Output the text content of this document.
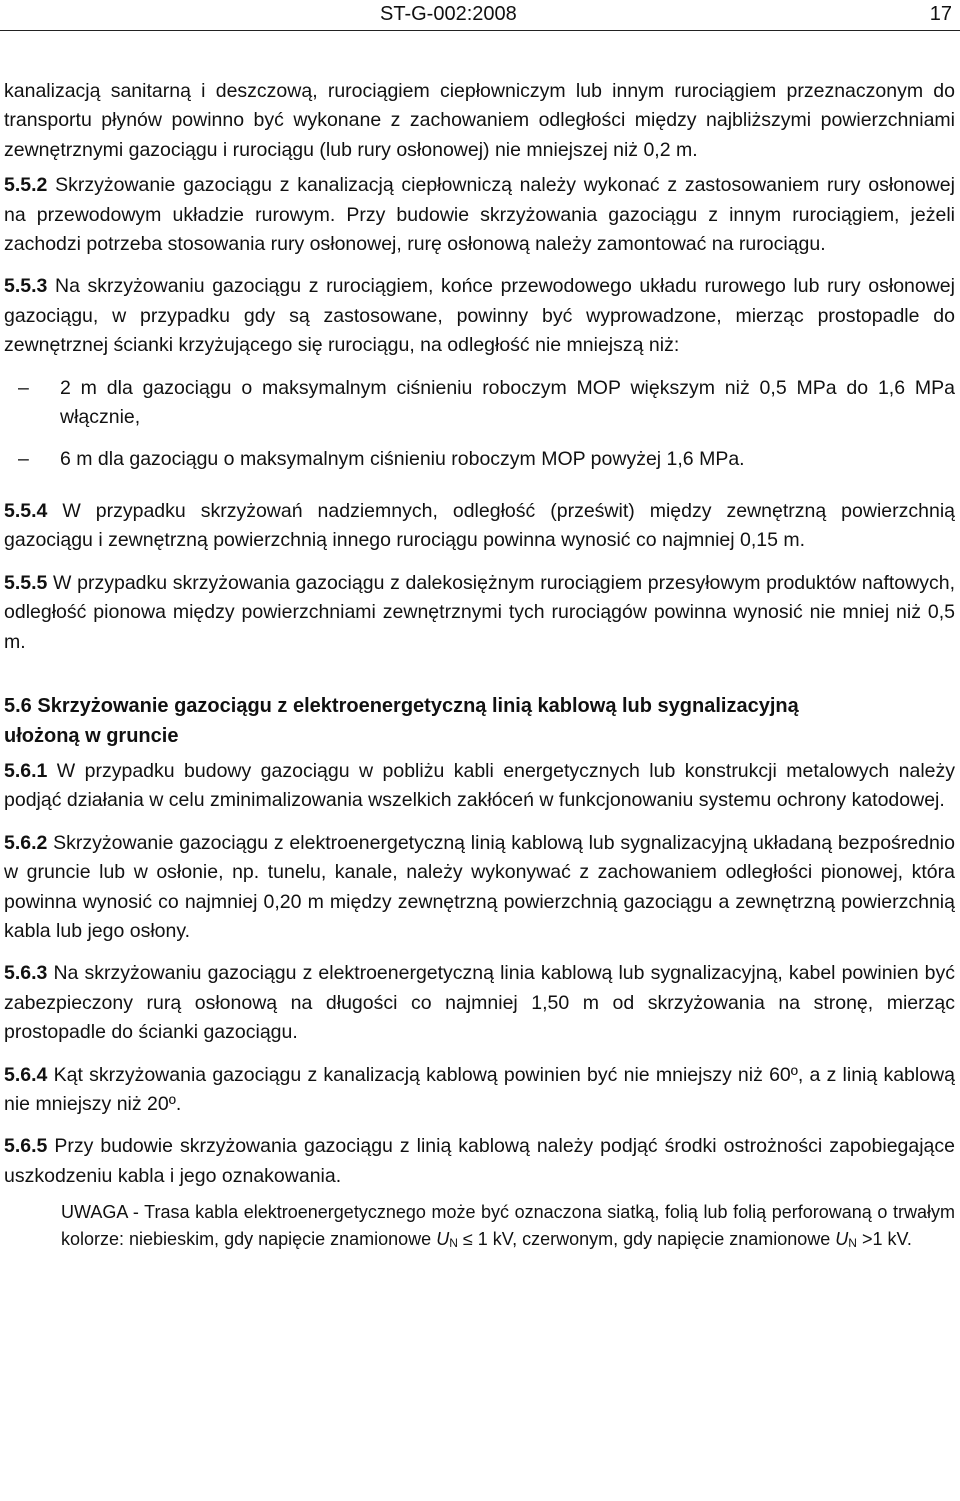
ST-G-002:2008	17

kanalizacją sanitarną i deszczową, rurociągiem ciepłowniczym lub innym rurociągiem przeznaczonym do transportu płynów powinno być wykonane z zachowaniem odległości między najbliższymi powierzchniami zewnętrznymi gazociągu i rurociągu (lub rury osłonowej) nie mniejszej niż 0,2 m.

5.5.2 Skrzyżowanie gazociągu z kanalizacją ciepłowniczą należy wykonać z zastosowaniem rury osłonowej na przewodowym układzie rurowym. Przy budowie skrzyżowania gazociągu z innym rurociągiem, jeżeli zachodzi potrzeba stosowania rury osłonowej, rurę osłonową należy zamontować na rurociągu.

5.5.3 Na skrzyżowaniu gazociągu z rurociągiem, końce przewodowego układu rurowego lub rury osłonowej gazociągu, w przypadku gdy są zastosowane, powinny być wyprowadzone, mierząc prostopadle do zewnętrznej ścianki krzyżującego się rurociągu, na odległość nie mniejszą niż:

– 2 m dla gazociągu o maksymalnym ciśnieniu roboczym MOP większym niż 0,5 MPa do 1,6 MPa włącznie,
– 6 m dla gazociągu o maksymalnym ciśnieniu roboczym MOP powyżej 1,6 MPa.

5.5.4 W przypadku skrzyżowań nadziemnych, odległość (prześwit) między zewnętrzną powierzchnią gazociągu i zewnętrzną powierzchnią innego rurociągu powinna wynosić co najmniej 0,15 m.

5.5.5 W przypadku skrzyżowania gazociągu z dalekosiężnym rurociągiem przesyłowym produktów naftowych, odległość pionowa między powierzchniami zewnętrznymi tych rurociągów powinna wynosić nie mniej niż 0,5 m.

5.6 Skrzyżowanie gazociągu z elektroenergetyczną linią kablową lub sygnalizacyjną ułożoną w gruncie

5.6.1 W przypadku budowy gazociągu w pobliżu kabli energetycznych lub konstrukcji metalowych należy podjąć działania w celu zminimalizowania wszelkich zakłóceń w funkcjonowaniu systemu ochrony katodowej.

5.6.2 Skrzyżowanie gazociągu z elektroenergetyczną linią kablową lub sygnalizacyjną układaną bezpośrednio w gruncie lub w osłonie, np. tunelu, kanale, należy wykonywać z zachowaniem odległości pionowej, która powinna wynosić co najmniej 0,20 m między zewnętrzną powierzchnią gazociągu a zewnętrzną powierzchnią kabla lub jego osłony.

5.6.3 Na skrzyżowaniu gazociągu z elektroenergetyczną linia kablową lub sygnalizacyjną, kabel powinien być zabezpieczony rurą osłonową na długości co najmniej 1,50 m od skrzyżowania na stronę, mierząc prostopadle do ścianki gazociągu.

5.6.4 Kąt skrzyżowania gazociągu z kanalizacją kablową powinien być nie mniejszy niż 60º, a z linią kablową nie mniejszy niż 20º.

5.6.5 Przy budowie skrzyżowania gazociągu z linią kablową należy podjąć środki ostrożności zapobiegające uszkodzeniu kabla i jego oznakowania.

UWAGA - Trasa kabla elektroenergetycznego może być oznaczona siatką, folią lub folią perforowaną o trwałym kolorze: niebieskim, gdy napięcie znamionowe $U_N \le 1$ kV, czerwonym, gdy napięcie znamionowe $U_N >1$ kV.
